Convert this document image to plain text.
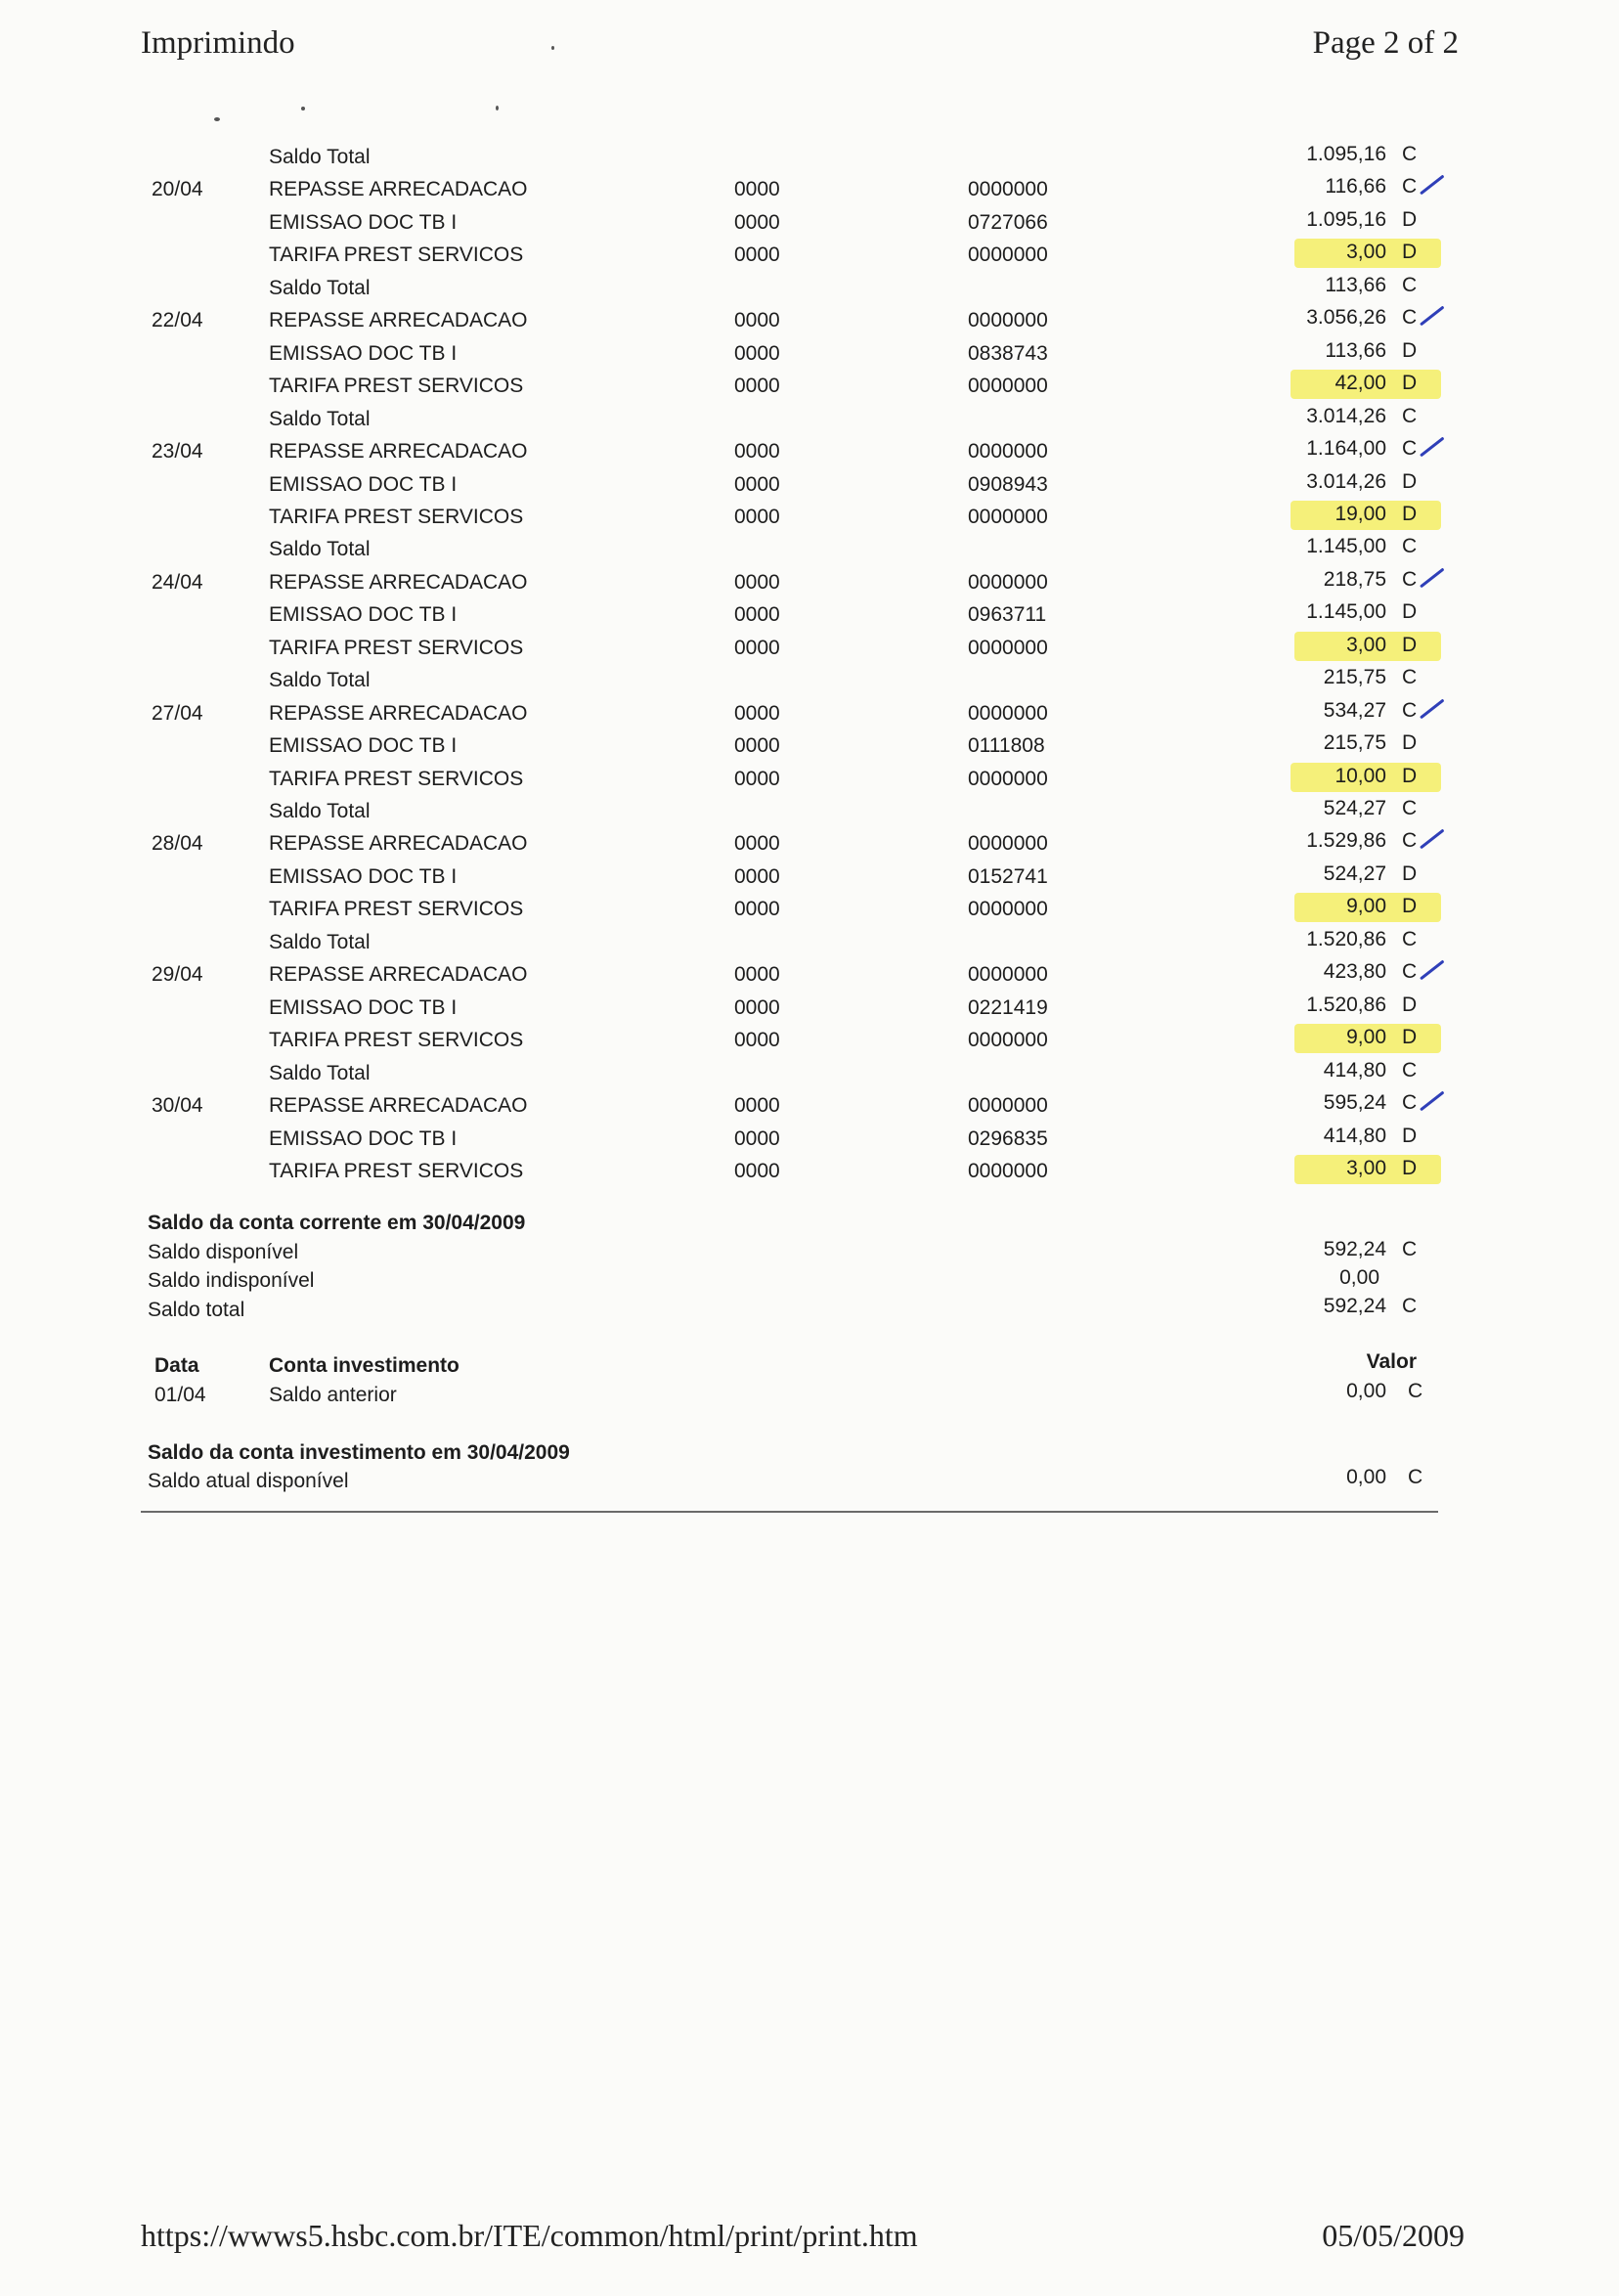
Imprimindo	Page 2 of 2
Saldo Total	1.095,16 C
20/04	REPASSE ARRECADACAO	0000	0000000	116,66 C
EMISSAO DOC TB I	0000	0727066	1.095,16 D
TARIFA PREST SERVICOS	0000	0000000	3,00 D
Saldo Total	113,66 C
22/04	REPASSE ARRECADACAO	0000	0000000	3.056,26 C
EMISSAO DOC TB I	0000	0838743	113,66 D
TARIFA PREST SERVICOS	0000	0000000	42,00 D
Saldo Total	3.014,26 C
23/04	REPASSE ARRECADACAO	0000	0000000	1.164,00 C
EMISSAO DOC TB I	0000	0908943	3.014,26 D
TARIFA PREST SERVICOS	0000	0000000	19,00 D
Saldo Total	1.145,00 C
24/04	REPASSE ARRECADACAO	0000	0000000	218,75 C
EMISSAO DOC TB I	0000	0963711	1.145,00 D
TARIFA PREST SERVICOS	0000	0000000	3,00 D
Saldo Total	215,75 C
27/04	REPASSE ARRECADACAO	0000	0000000	534,27 C
EMISSAO DOC TB I	0000	0111808	215,75 D
TARIFA PREST SERVICOS	0000	0000000	10,00 D
Saldo Total	524,27 C
28/04	REPASSE ARRECADACAO	0000	0000000	1.529,86 C
EMISSAO DOC TB I	0000	0152741	524,27 D
TARIFA PREST SERVICOS	0000	0000000	9,00 D
Saldo Total	1.520,86 C
29/04	REPASSE ARRECADACAO	0000	0000000	423,80 C
EMISSAO DOC TB I	0000	0221419	1.520,86 D
TARIFA PREST SERVICOS	0000	0000000	9,00 D
Saldo Total	414,80 C
30/04	REPASSE ARRECADACAO	0000	0000000	595,24 C
EMISSAO DOC TB I	0000	0296835	414,80 D
TARIFA PREST SERVICOS	0000	0000000	3,00 D
Saldo da conta corrente em 30/04/2009
Saldo disponível	592,24 C
Saldo indisponível	0,00
Saldo total	592,24 C
Data	Conta investimento	Valor
01/04	Saldo anterior	0,00 C
Saldo da conta investimento em 30/04/2009
Saldo atual disponível	0,00 C
https://wwws5.hsbc.com.br/ITE/common/html/print/print.htm	05/05/2009
